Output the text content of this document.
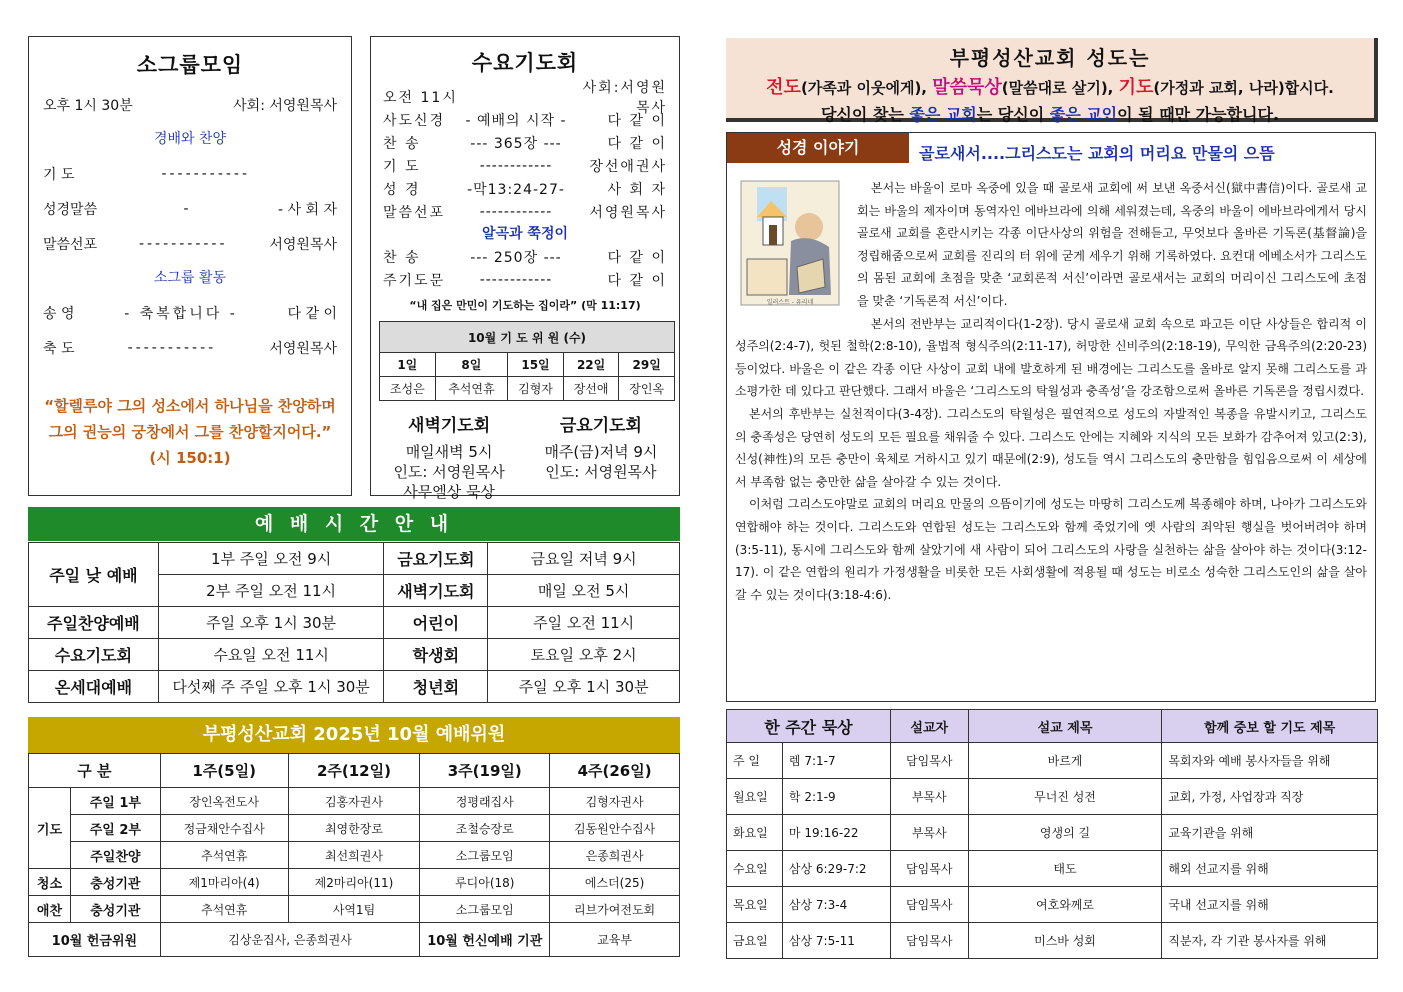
소그룹모임
오후 1시 30분	사회: 서영원목사
경배와 찬양
기 도	-----------
성경말씀	-	- 사 회 자
말씀선포	-----------	서영원목사
소그룹 활동
송 영	- 축복합니다 -	다 같 이
축 도	-----------	서영원목사
“할렐루야 그의 성소에서 하나님을 찬양하며 그의 권능의 궁창에서 그를 찬양할지어다.” (시 150:1)
수요기도회
오전 11시
사회:서영원목사
사도신경	- 예배의 시작 -	다 같 이
찬 송	--- 365장 ---	다 같 이
기 도	------------	장선애권사
성 경	-막13:24-27-	사 회 자
말씀선포	------------	서영원목사
알곡과 쭉정이
찬 송	--- 250장 ---	다 같 이
주기도문	------------	다 같 이
“내 집은 만민이 기도하는 집이라” (막 11:17)
10월 기 도 위 원 (수)				
1일	8일	15일	22일	29일
조성은	추석연휴	김형자	장선애	장인옥
새벽기도회
매일새벽 5시
인도: 서영원목사
사무엘상 묵상
금요기도회
매주(금)저녁 9시
인도: 서영원목사
예 배 시 간 안 내
주일 낮 예배	1부 주일 오전 9시	금요기도회	금요일 저녁 9시
	2부 주일 오전 11시	새벽기도회	매일 오전 5시
주일찬양예배	주일 오후 1시 30분	어린이	주일 오전 11시
수요기도회	수요일 오전 11시	학생회	토요일 오후 2시
온세대예배	다섯째 주 주일 오후 1시 30분	청년회	주일 오후 1시 30분
부평성산교회 2025년 10월 예배위원
구 분		1주(5일)	2주(12일)	3주(19일)	4주(26일)
기도	주일 1부	장인옥전도사	김홍자권사	정평래집사	김형자권사
	주일 2부	정금채안수집사	최영한장로	조철승장로	김동원안수집사
	주일찬양	추석연휴	최선희권사	소그룹모임	은종희권사
청소	충성기관	제1마리아(4)	제2마리아(11)	루디아(18)	에스더(25)
애찬	충성기관	추석연휴	사역1팀	소그룹모임	리브가여전도회
10월 헌금위원		김상운집사, 은종희권사		10월 헌신예배 기관	교육부
부평성산교회 성도는
전도(가족과 이웃에게), 말씀묵상(말씀대로 살기), 기도(가정과 교회, 나라)합시다.
당신이 찾는 좋은 교회는 당신이 좋은 교인이 될 때만 가능합니다.
성경 이야기	골로새서....그리스도는 교회의 머리요 만물의 으뜸
일러스트 - 유리네

본서는 바울이 로마 옥중에 있을 때 골로새 교회에 써 보낸 옥중서신(獄中書信)이다. 골로새 교회는 바울의 제자이며 동역자인 에바브라에 의해 세워졌는데, 옥중의 바울이 에바브라에게서 당시 골로새 교회를 혼란시키는 각종 이단사상의 위험을 전해듣고, 무엇보다 올바른 기독론(基督論)을 정립해줌으로써 교회를 진리의 터 위에 굳게 세우기 위해 기록하였다. 요컨대 에베소서가 그리스도의 몸된 교회에 초점을 맞춘 ‘교회론적 서신’이라면 골로새서는 교회의 머리이신 그리스도에 초점을 맞춘 ‘기독론적 서신’이다.

본서의 전반부는 교리적이다(1-2장). 당시 골로새 교회 속으로 파고든 이단 사상들은 합리적 이성주의(2:4-7), 헛된 철학(2:8-10), 율법적 형식주의(2:11-17), 허망한 신비주의(2:18-19), 무익한 금욕주의(2:20-23) 등이었다. 바울은 이 같은 각종 이단 사상이 교회 내에 발호하게 된 배경에는 그리스도를 올바로 알지 못해 그리스도를 과소평가한 데 있다고 판단했다. 그래서 바울은 ‘그리스도의 탁월성과 충족성’을 강조함으로써 올바른 기독론을 정립시켰다.

본서의 후반부는 실천적이다(3-4장). 그리스도의 탁월성은 필연적으로 성도의 자발적인 복종을 유발시키고, 그리스도의 충족성은 당연히 성도의 모든 필요를 채워줄 수 있다. 그리스도 안에는 지혜와 지식의 모든 보화가 감추어져 있고(2:3), 신성(神性)의 모든 충만이 육체로 거하시고 있기 때문에(2:9), 성도들 역시 그리스도의 충만함을 힘입음으로써 이 세상에서 부족함 없는 충만한 삶을 살아갈 수 있는 것이다.

이처럼 그리스도야말로 교회의 머리요 만물의 으뜸이기에 성도는 마땅히 그리스도께 복종해야 하며, 나아가 그리스도와 연합해야 하는 것이다. 그리스도와 연합된 성도는 그리스도와 함께 죽었기에 옛 사람의 죄악된 행실을 벗어버려야 하며(3:5-11), 동시에 그리스도와 함께 살았기에 새 사람이 되어 그리스도의 사랑을 실천하는 삶을 살아야 하는 것이다(3:12-17). 이 같은 연합의 원리가 가정생활을 비롯한 모든 사회생활에 적용될 때 성도는 비로소 성숙한 그리스도인의 삶을 살아갈 수 있는 것이다(3:18-4:6).

한 주간 묵상		설교자	설교 제목	함께 중보 할 기도 제목
주 일	렘 7:1-7	담임목사	바르게	목회자와 예배 봉사자들을 위해
월요일	학 2:1-9	부목사	무너진 성전	교회, 가정, 사업장과 직장
화요일	마 19:16-22	부목사	영생의 길	교육기관을 위해
수요일	삼상 6:29-7:2	담임목사	태도	해외 선교지를 위해
목요일	삼상 7:3-4	담임목사	여호와께로	국내 선교지를 위해
금요일	삼상 7:5-11	담임목사	미스바 성회	직분자, 각 기관 봉사자를 위해
